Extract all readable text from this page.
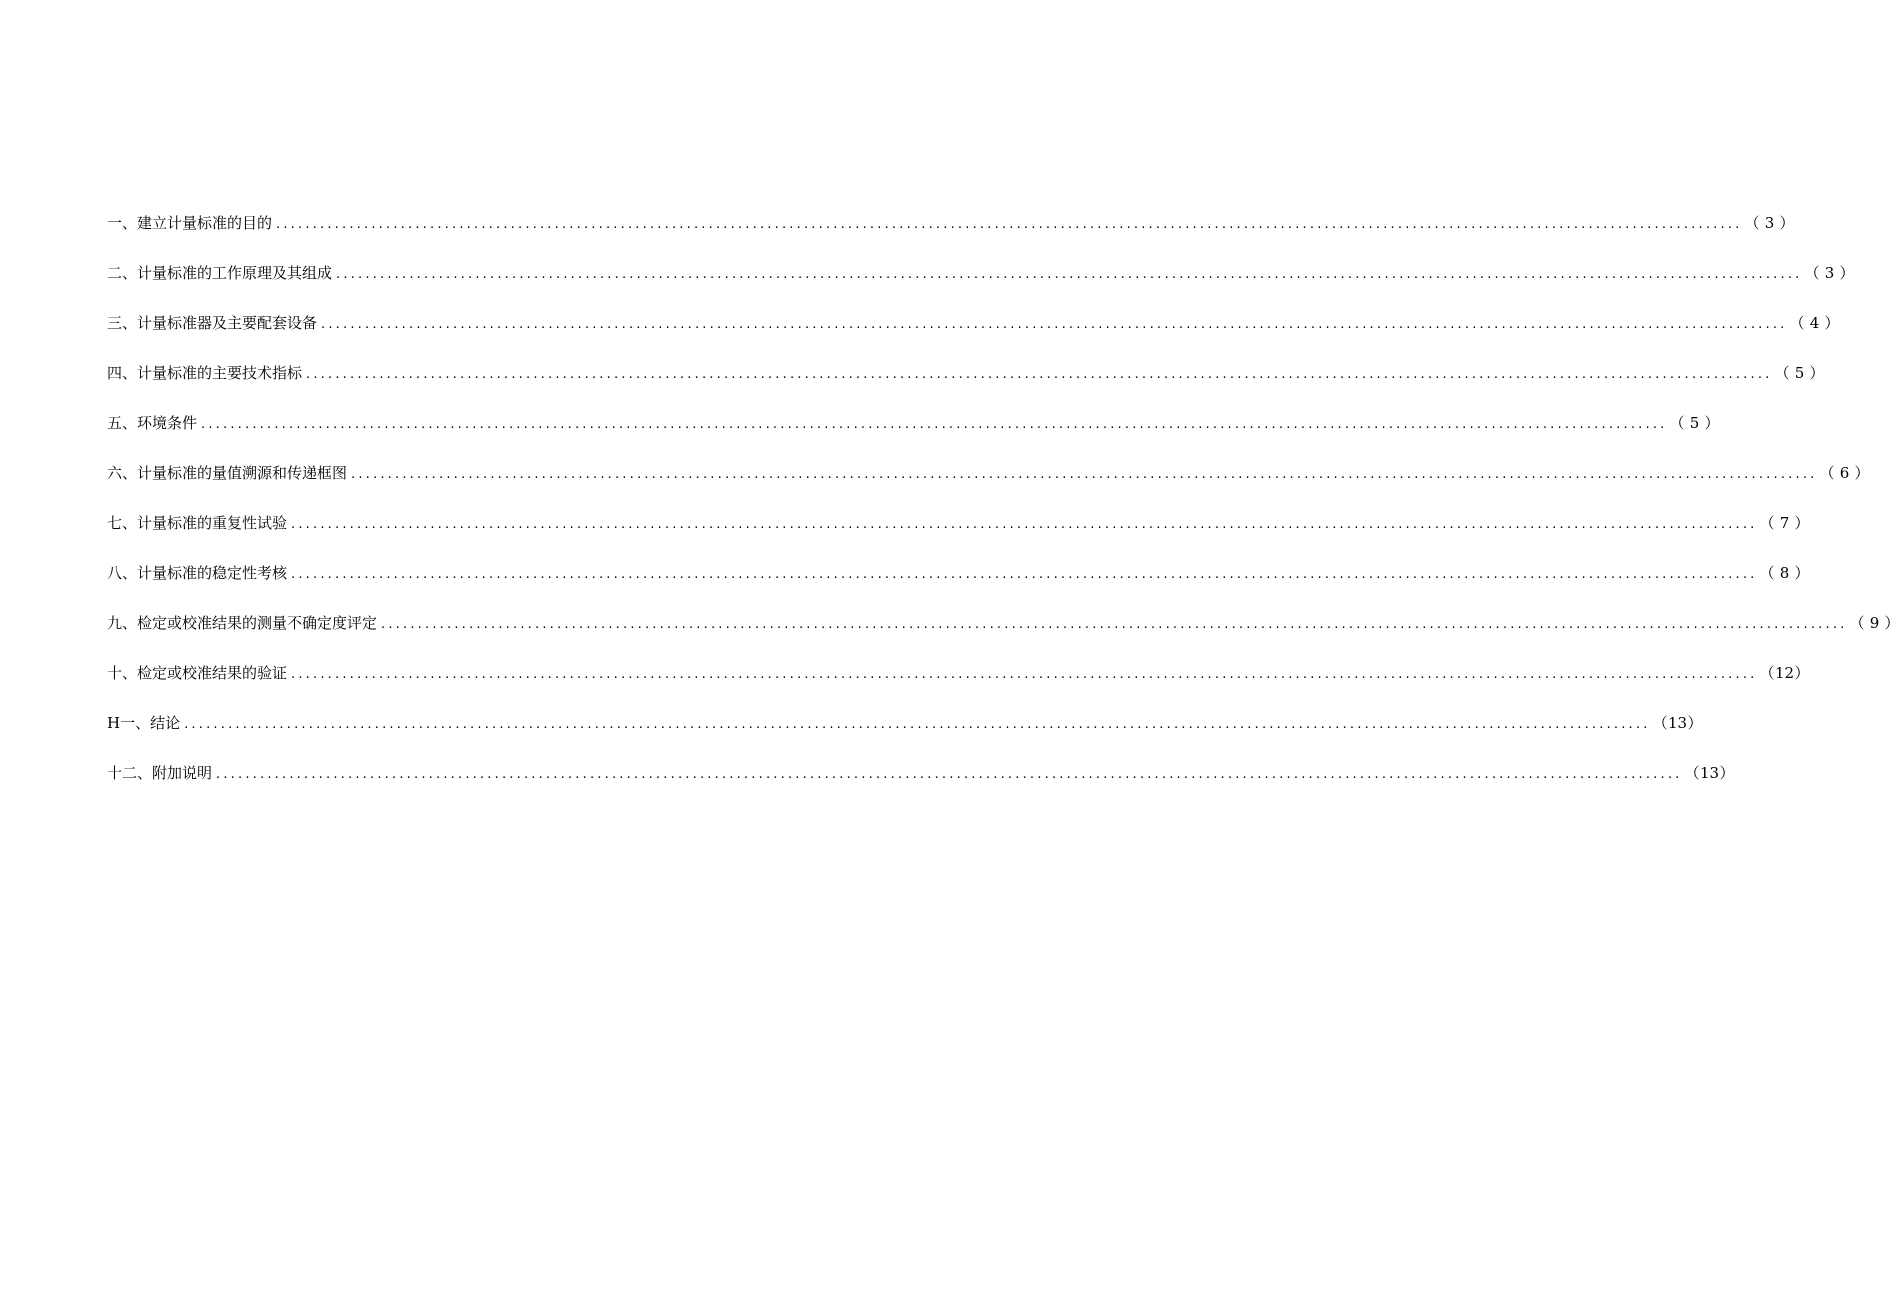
一、建立计量标准的目的 ........................................................................................................................................................................................................ （ 3 ）
二、计量标准的工作原理及其组成 ........................................................................................................................................................................................................ （ 3 ）
三、计量标准器及主要配套设备 ........................................................................................................................................................................................................ （ 4 ）
四、计量标准的主要技术指标 ........................................................................................................................................................................................................ （ 5 ）
五、环境条件 ........................................................................................................................................................................................................ （ 5 ）
六、计量标准的量值溯源和传递框图 ........................................................................................................................................................................................................ （ 6 ）
七、计量标准的重复性试验 ........................................................................................................................................................................................................ （ 7 ）
八、计量标准的稳定性考核 ........................................................................................................................................................................................................ （ 8 ）
九、检定或校准结果的测量不确定度评定 ........................................................................................................................................................................................................ （ 9 ）
十、检定或校准结果的验证 ........................................................................................................................................................................................................ （ 12 ）
H一、结论 ........................................................................................................................................................................................................ （ 13 ）
十二、附加说明 ........................................................................................................................................................................................................ （ 13 ）
